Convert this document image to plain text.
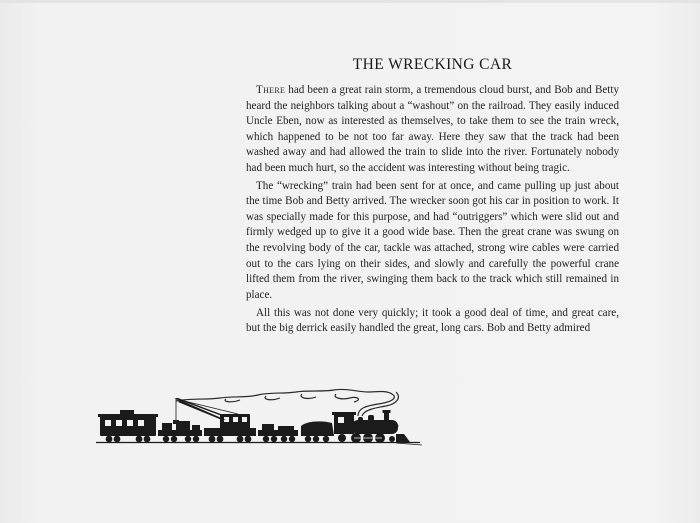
THE WRECKING CAR

There had been a great rain storm, a tremendous cloud burst, and Bob and Betty heard the neighbors talking about a “washout” on the railroad. They easily induced Uncle Eben, now as interested as themselves, to take them to see the train wreck, which happened to be not too far away. Here they saw that the track had been washed away and had allowed the train to slide into the river. Fortunately nobody had been much hurt, so the accident was interesting without being tragic.

The “wrecking” train had been sent for at once, and came pulling up just about the time Bob and Betty arrived. The wrecker soon got his car in position to work. It was specially made for this purpose, and had “outriggers” which were slid out and firmly wedged up to give it a good wide base. Then the great crane was swung on the revolving body of the car, tackle was attached, strong wire cables were carried out to the cars lying on their sides, and slowly and carefully the powerful crane lifted them from the river, swinging them back to the track which still remained in place.

All this was not done very quickly; it took a good deal of time, and great care, but the big derrick easily handled the great, long cars. Bob and Betty admired
